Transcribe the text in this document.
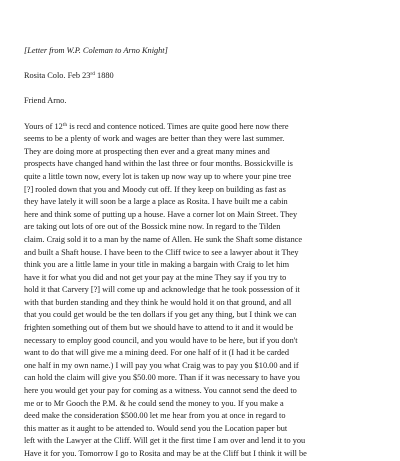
[Letter from W.P. Coleman to Arno Knight]

Rosita Colo. Feb 23rd 1880

Friend Arno.

Yours of 12th is recd and contence noticed. Times are quite good here now there
seems to be a plenty of work and wages are better than they were last summer.
They are doing more at prospecting then ever and a great many mines and
prospects have changed hand within the last three or four months. Bossickville is
quite a little town now, every lot is taken up now way up to where your pine tree
[?] rooled down that you and Moody cut off. If they keep on building as fast as
they have lately it will soon be a large a place as Rosita. I have built me a cabin
here and think some of putting up a house. Have a corner lot on Main Street. They
are taking out lots of ore out of the Bossick mine now. In regard to the Tilden
claim. Craig sold it to a man by the name of Allen. He sunk the Shaft some distance
and built a Shaft house. I have been to the Cliff twice to see a lawyer about it They
think you are a little lame in your title in making a bargain with Craig to let him
have it for what you did and not get your pay at the mine They say if you try to
hold it that Carvery [?] will come up and acknowledge that he took possession of it
with that burden standing and they think he would hold it on that ground, and all
that you could get would be the ten dollars if you get any thing, but I think we can
frighten something out of them but we should have to attend to it and it would be
necessary to employ good council, and you would have to be here, but if you don't
want to do that will give me a mining deed. For one half of it (I had it be carded
one half in my own name.) I will pay you what Craig was to pay you $10.00 and if
can hold the claim will give you $50.00 more. Than if it was necessary to have you
here you would get your pay for coming as a witness. You cannot send the deed to
me or to Mr Gooch the P.M. & he could send the money to you. If you make a
deed make the consideration $500.00 let me hear from you at once in regard to
this matter as it aught to be attended to. Would send you the Location paper but
left with the Lawyer at the Cliff. Will get it the first time I am over and lend it to you
Have it for you. Tomorrow I go to Rosita and may be at the Cliff but I think it will be
